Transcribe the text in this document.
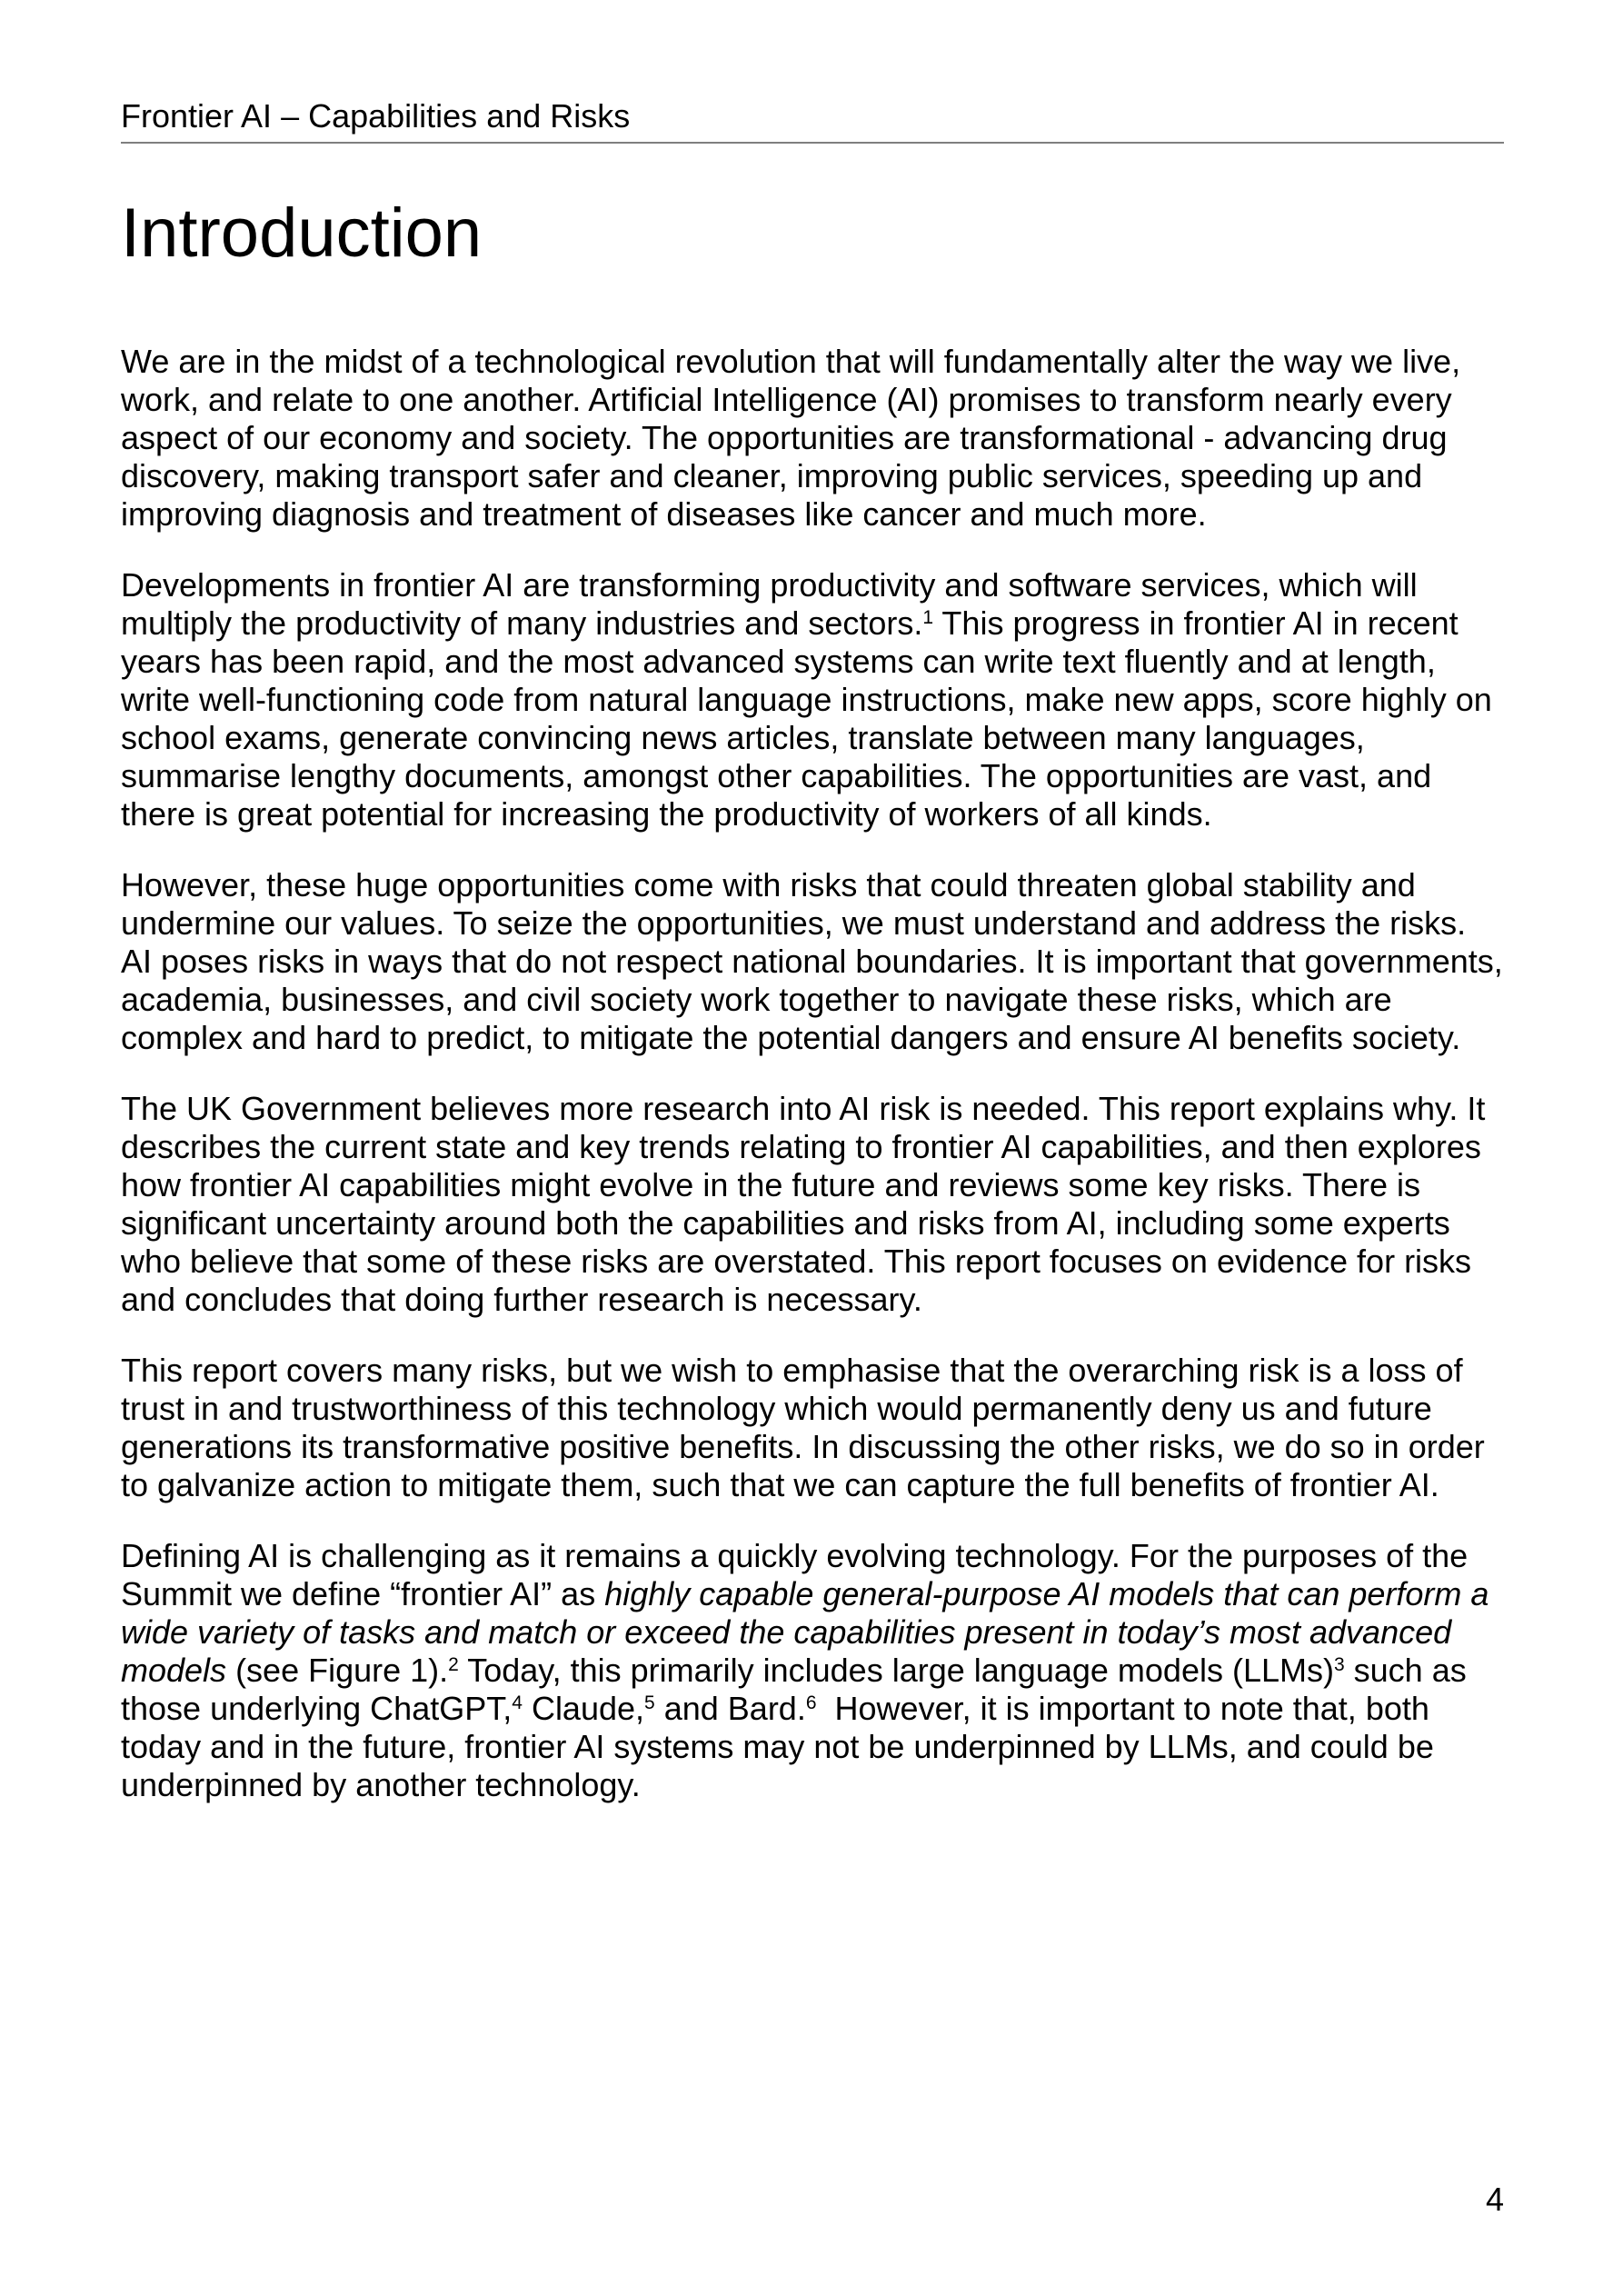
Frontier AI – Capabilities and Risks
Introduction

We are in the midst of a technological revolution that will fundamentally alter the way we live, work, and relate to one another. Artificial Intelligence (AI) promises to transform nearly every aspect of our economy and society. The opportunities are transformational - advancing drug discovery, making transport safer and cleaner, improving public services, speeding up and improving diagnosis and treatment of diseases like cancer and much more.

Developments in frontier AI are transforming productivity and software services, which will multiply the productivity of many industries and sectors.$^1$ This progress in frontier AI in recent years has been rapid, and the most advanced systems can write text fluently and at length, write well-functioning code from natural language instructions, make new apps, score highly on school exams, generate convincing news articles, translate between many languages, summarise lengthy documents, amongst other capabilities. The opportunities are vast, and there is great potential for increasing the productivity of workers of all kinds.

However, these huge opportunities come with risks that could threaten global stability and undermine our values. To seize the opportunities, we must understand and address the risks. AI poses risks in ways that do not respect national boundaries. It is important that governments, academia, businesses, and civil society work together to navigate these risks, which are complex and hard to predict, to mitigate the potential dangers and ensure AI benefits society.

The UK Government believes more research into AI risk is needed. This report explains why. It describes the current state and key trends relating to frontier AI capabilities, and then explores how frontier AI capabilities might evolve in the future and reviews some key risks. There is significant uncertainty around both the capabilities and risks from AI, including some experts who believe that some of these risks are overstated. This report focuses on evidence for risks and concludes that doing further research is necessary.

This report covers many risks, but we wish to emphasise that the overarching risk is a loss of trust in and trustworthiness of this technology which would permanently deny us and future generations its transformative positive benefits. In discussing the other risks, we do so in order to galvanize action to mitigate them, such that we can capture the full benefits of frontier AI.

Defining AI is challenging as it remains a quickly evolving technology. For the purposes of the Summit we define “frontier AI” as highly capable general-purpose AI models that can perform a wide variety of tasks and match or exceed the capabilities present in today’s most advanced models (see Figure 1).$^2$ Today, this primarily includes large language models (LLMs)$^3$ such as those underlying ChatGPT,$^4$ Claude,$^5$ and Bard.$^6$  However, it is important to note that, both today and in the future, frontier AI systems may not be underpinned by LLMs, and could be underpinned by another technology.

4
